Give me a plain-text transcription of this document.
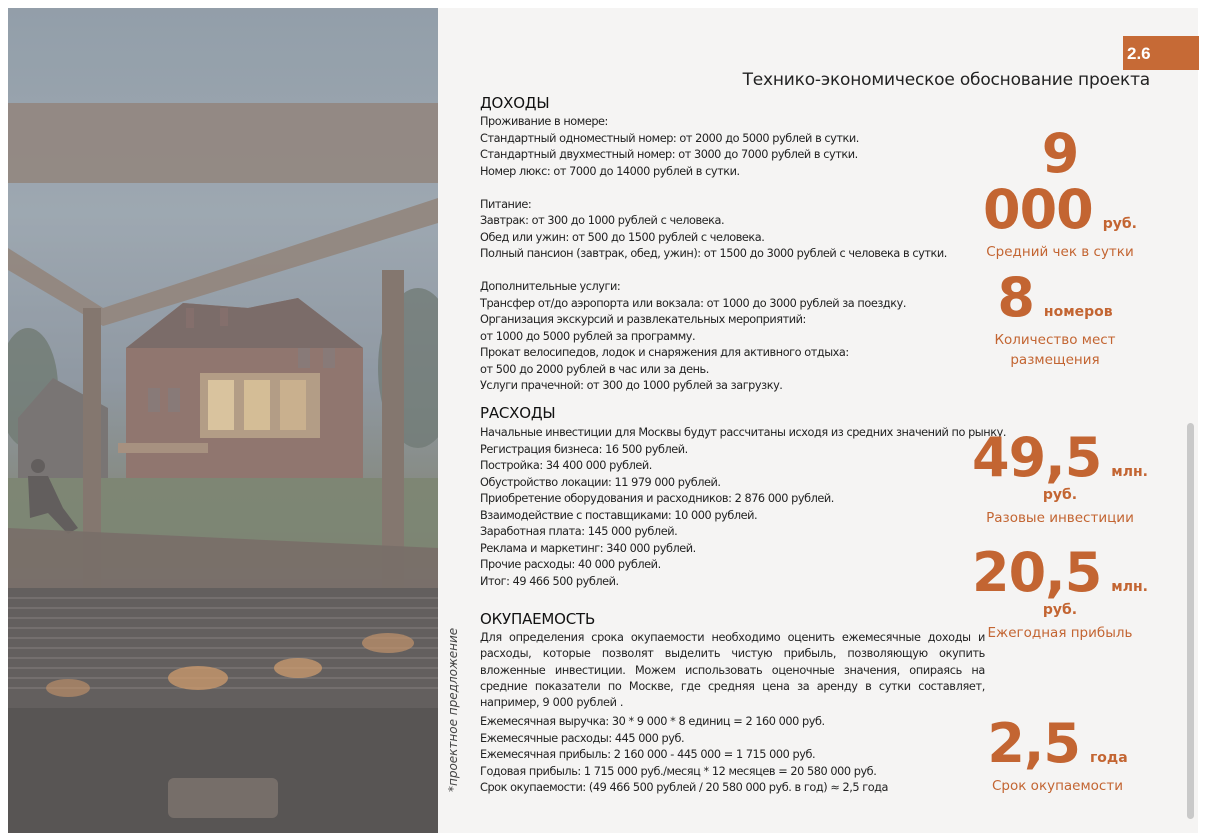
2.6
Технико-экономическое обоснование проекта
ДОХОДЫ
Проживание в номере:
Стандартный одноместный номер: от 2000 до 5000 рублей в сутки.
Стандартный двухместный номер: от 3000 до 7000 рублей в сутки.
Номер люкс: от 7000 до 14000 рублей в сутки.
Питание:
Завтрак: от 300 до 1000 рублей с человека.
Обед или ужин: от 500 до 1500 рублей с человека.
Полный пансион (завтрак, обед, ужин): от 1500 до 3000 рублей с человека в сутки.
Дополнительные услуги:
Трансфер от/до аэропорта или вокзала: от 1000 до 3000 рублей за поездку.
Организация экскурсий и развлекательных мероприятий:
от 1000 до 5000 рублей за программу.
Прокат велосипедов, лодок и снаряжения для активного отдыха:
от 500 до 2000 рублей в час или за день.
Услуги прачечной: от 300 до 1000 рублей за загрузку.
РАСХОДЫ
Начальные инвестиции для Москвы будут рассчитаны исходя из средних значений по рынку.
Регистрация бизнеса: 16 500 рублей.
Постройка: 34 400 000 рублей.
Обустройство локации: 11 979 000 рублей.
Приобретение оборудования и расходников: 2 876 000 рублей.
Взаимодействие с поставщиками: 10 000 рублей.
Заработная плата: 145 000 рублей.
Реклама и маркетинг: 340 000 рублей.
Прочие расходы: 40 000 рублей.
Итог: 49 466 500 рублей.
ОКУПАЕМОСТЬ
Для определения срока окупаемости необходимо оценить ежемесячные доходы и расходы, которые позволят выделить чистую прибыль, позволяющую окупить вложенные инвестиции. Можем использовать оценочные значения, опираясь на средние показатели по Москве, где средняя цена за аренду в сутки составляет, например, 9 000 рублей .
Ежемесячная выручка: 30 * 9 000 * 8 единиц = 2 160 000 руб.
Ежемесячные расходы: 445 000 руб.
Ежемесячная прибыль: 2 160 000 - 445 000 = 1 715 000 руб.
Годовая прибыль: 1 715 000 руб./месяц * 12 месяцев = 20 580 000 руб.
Срок окупаемости: (49 466 500 рублей / 20 580 000 руб. в год) ≈ 2,5 года
9 000 руб.
Средний чек в сутки
8 номеров
Количество мест размещения
49,5 млн. руб.
Разовые инвестиции
20,5 млн. руб.
Ежегодная прибыль
2,5 года
Срок окупаемости
*проектное предложение
